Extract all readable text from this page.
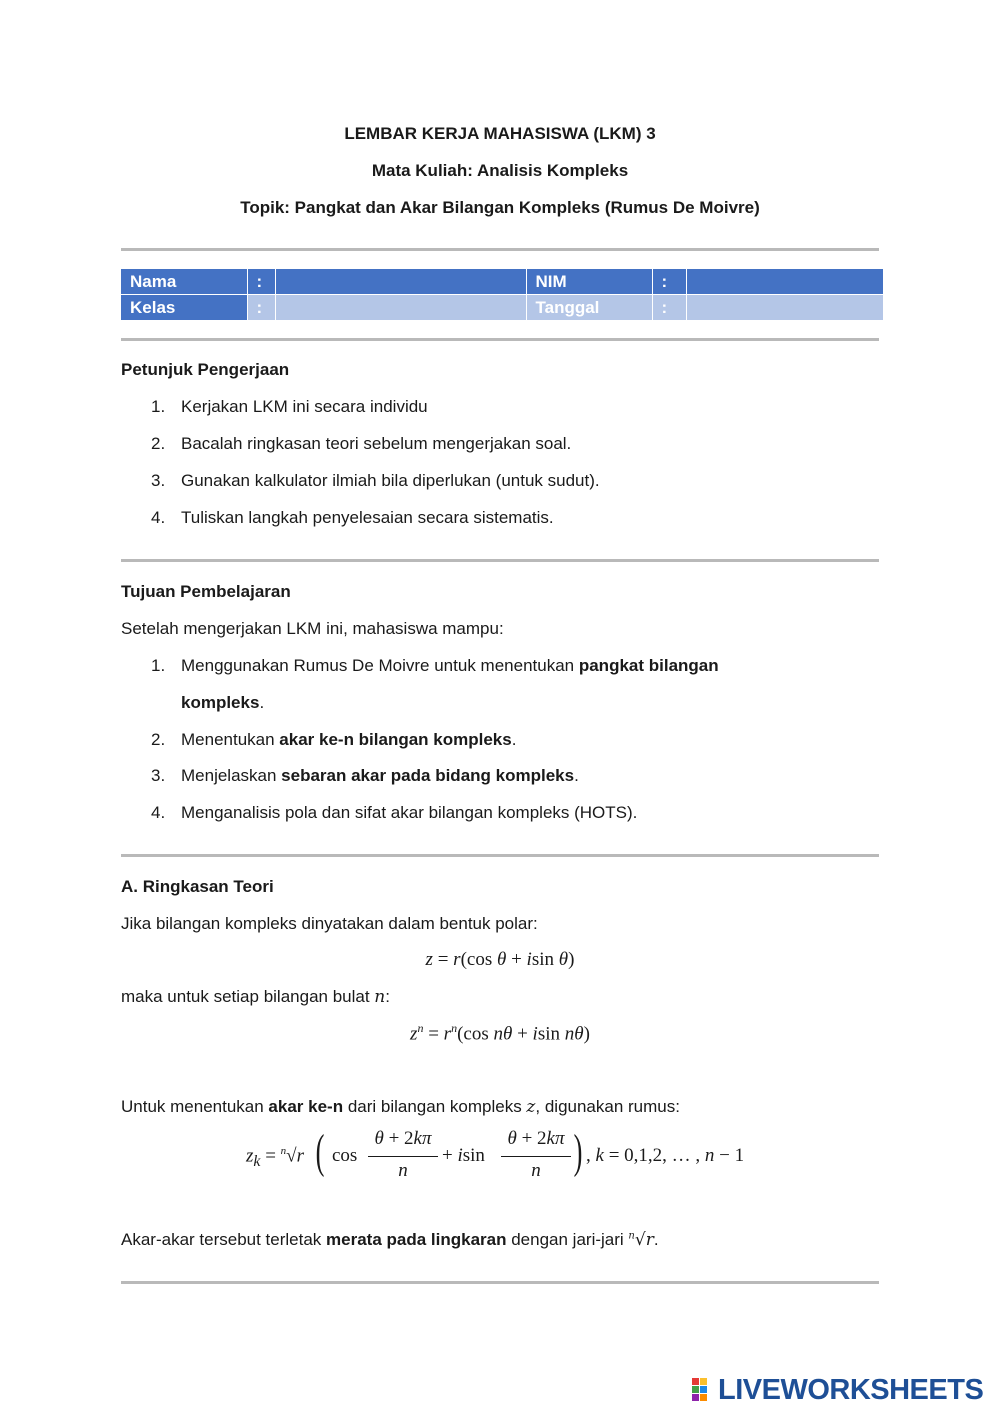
LEMBAR KERJA MAHASISWA (LKM) 3
Mata Kuliah: Analisis Kompleks
Topik: Pangkat dan Akar Bilangan Kompleks (Rumus De Moivre)
Nama	:		NIM	:	
Kelas	:		Tanggal	:	
Petunjuk Pengerjaan
1. Kerjakan LKM ini secara individu
2. Bacalah ringkasan teori sebelum mengerjakan soal.
3. Gunakan kalkulator ilmiah bila diperlukan (untuk sudut).
4. Tuliskan langkah penyelesaian secara sistematis.
Tujuan Pembelajaran
Setelah mengerjakan LKM ini, mahasiswa mampu:
1. Menggunakan Rumus De Moivre untuk menentukan pangkat bilangan
kompleks.
2. Menentukan akar ke-n bilangan kompleks.
3. Menjelaskan sebaran akar pada bidang kompleks.
4. Menganalisis pola dan sifat akar bilangan kompleks (HOTS).
A. Ringkasan Teori
Jika bilangan kompleks dinyatakan dalam bentuk polar:
z = r(cos θ + isin θ)
maka untuk setiap bilangan bulat n:
$z^n = r^n(\cos$ nθ + isin nθ)
Untuk menentukan akar ke-n dari bilangan kompleks z, digunakan rumus:
$z_k = ^n√r$ ( cos
θ + 2kπ
n
+ isin
θ + 2kπ
n ) , k = 0,1,2, … , n − 1
Akar-akar tersebut terletak merata pada lingkaran dengan jari-jari $^n$√r.
LIVEWORKSHEETS
